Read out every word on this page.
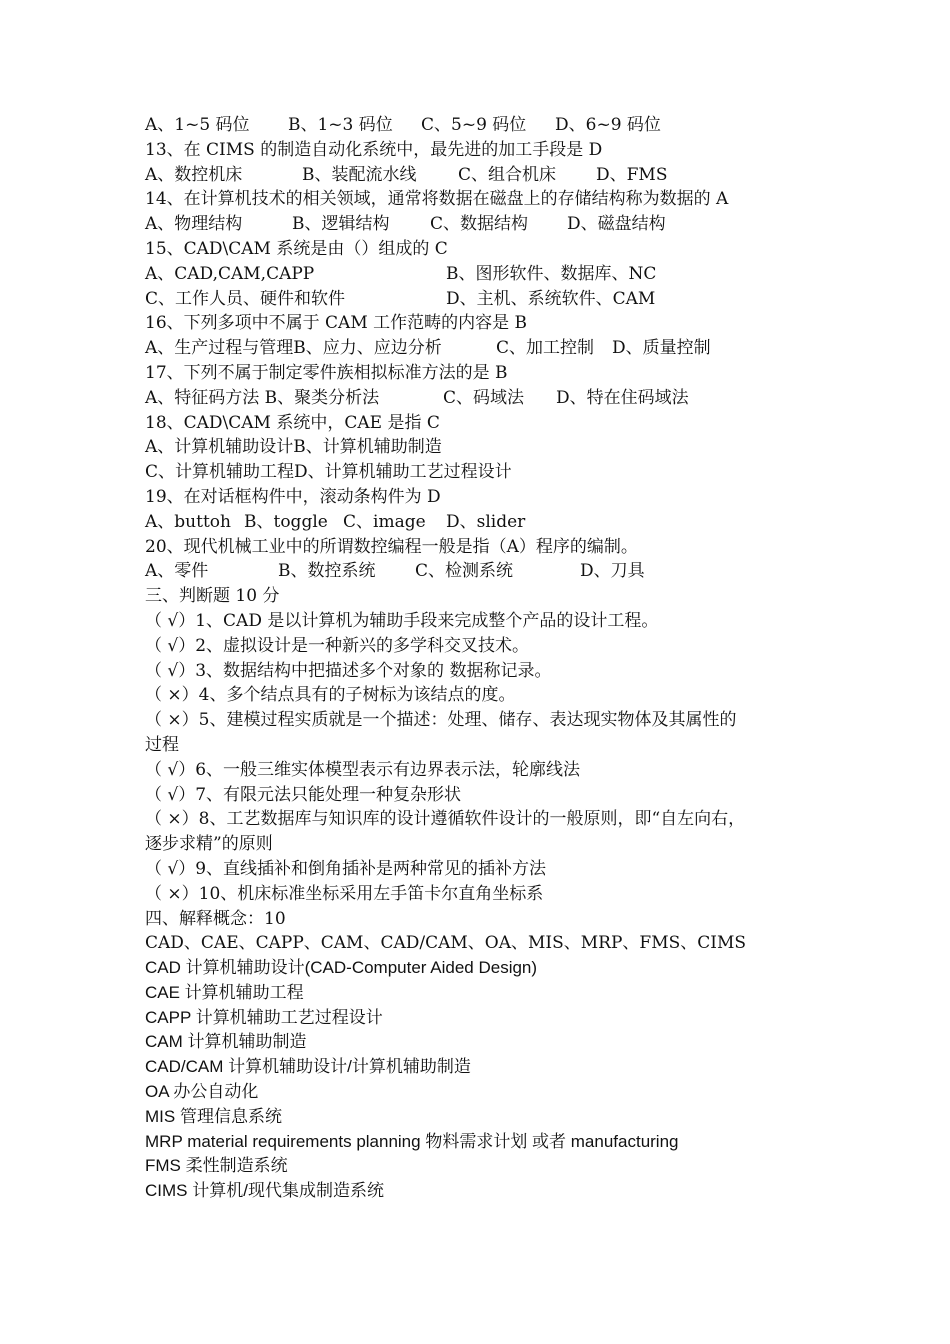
A、1~5 码位 B、1~3 码位 C、5~9 码位 D、6~9 码位
13、在 CIMS 的制造自动化系统中，最先进的加工手段是 D
A、数控机床	B、装配流水线 C、组合机床 D、FMS
14、在计算机技术的相关领域，通常将数据在磁盘上的存储结构称为数据的 A
A、物理结构	B、逻辑结构 C、数据结构 D、磁盘结构
15、CAD\CAM 系统是由（）组成的 C
A、CAD,CAM,CAPP	B、图形软件、数据库、NC
C、工作人员、硬件和软件	D、主机、系统软件、CAM
16、下列多项中不属于 CAM 工作范畴的内容是 B
A、生产过程与管理B、应力、应边分析	C、加工控制 D、质量控制
17、下列不属于制定零件族相拟标准方法的是 B
A、特征码方法 B、聚类分析法	C、码域法 D、特在住码域法
18、CAD\CAM 系统中，CAE 是指 C
A、计算机辅助设计B、计算机辅助制造
C、计算机辅助工程D、计算机辅助工艺过程设计
19、在对话框构件中，滚动条构件为 D
A、buttoh B、toggle C、image D、slider
20、现代机械工业中的所谓数控编程一般是指（A）程序的编制。
A、零件	B、数控系统 C、检测系统	D、刀具
三、判断题 10 分
（ √）1、CAD 是以计算机为辅助手段来完成整个产品的设计工程。
（ √）2、虚拟设计是一种新兴的多学科交叉技术。
（ √）3、数据结构中把描述多个对象的 数据称记录。
（ ×）4、多个结点具有的子树标为该结点的度。
（ ×）5、建模过程实质就是一个描述：处理、储存、表达现实物体及其属性的
过程
（ √）6、一般三维实体模型表示有边界表示法，轮廓线法
（ √）7、有限元法只能处理一种复杂形状
（ ×）8、工艺数据库与知识库的设计遵循软件设计的一般原则，即“自左向右，
逐步求精”的原则
（ √）9、直线插补和倒角插补是两种常见的插补方法
（ ×）10、机床标准坐标采用左手笛卡尔直角坐标系
四、解释概念：10
CAD、CAE、CAPP、CAM、CAD/CAM、OA、MIS、MRP、FMS、CIMS
CAD 计算机辅助设计(CAD-Computer Aided Design)
CAE 计算机辅助工程
CAPP 计算机辅助工艺过程设计
CAM 计算机辅助制造
CAD/CAM 计算机辅助设计/计算机辅助制造
OA 办公自动化
MIS 管理信息系统
MRP material requirements planning 物料需求计划 或者 manufacturing
FMS 柔性制造系统
CIMS 计算机/现代集成制造系统
